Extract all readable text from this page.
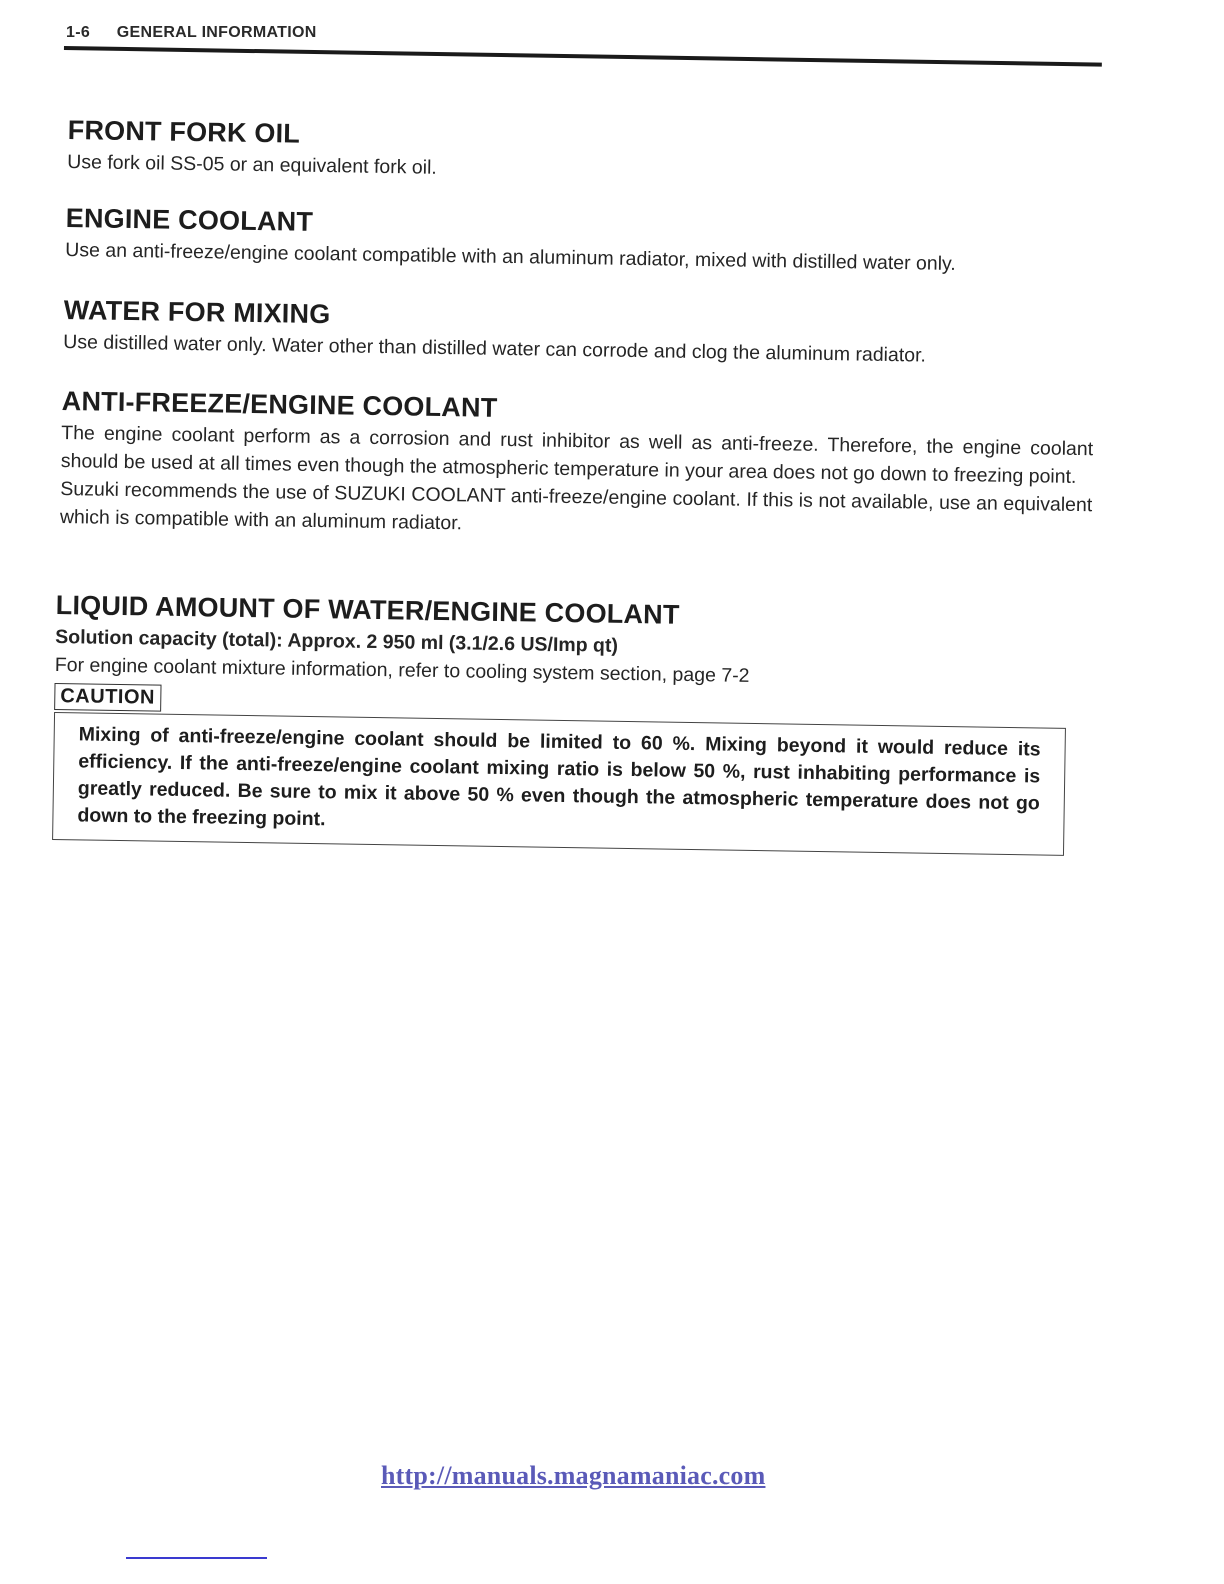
1-6 GENERAL INFORMATION
FRONT FORK OIL

Use fork oil SS-05 or an equivalent fork oil.

ENGINE COOLANT

Use an anti-freeze/engine coolant compatible with an aluminum radiator, mixed with distilled water only.

WATER FOR MIXING

Use distilled water only. Water other than distilled water can corrode and clog the aluminum radiator.

ANTI-FREEZE/ENGINE COOLANT

The engine coolant perform as a corrosion and rust inhibitor as well as anti-freeze. Therefore, the engine coolant should be used at all times even though the atmospheric temperature in your area does not go down to freezing point.

Suzuki recommends the use of SUZUKI COOLANT anti-freeze/engine coolant. If this is not available, use an equivalent which is compatible with an aluminum radiator.

LIQUID AMOUNT OF WATER/ENGINE COOLANT

Solution capacity (total): Approx. 2 950 ml (3.1/2.6 US/Imp qt)

For engine coolant mixture information, refer to cooling system section, page 7-2

CAUTION

Mixing of anti-freeze/engine coolant should be limited to 60 %. Mixing beyond it would reduce its efficiency. If the anti-freeze/engine coolant mixing ratio is below 50 %, rust inhabiting performance is greatly reduced. Be sure to mix it above 50 % even though the atmospheric temperature does not go down to the freezing point.

http://manuals.magnamaniac.com
